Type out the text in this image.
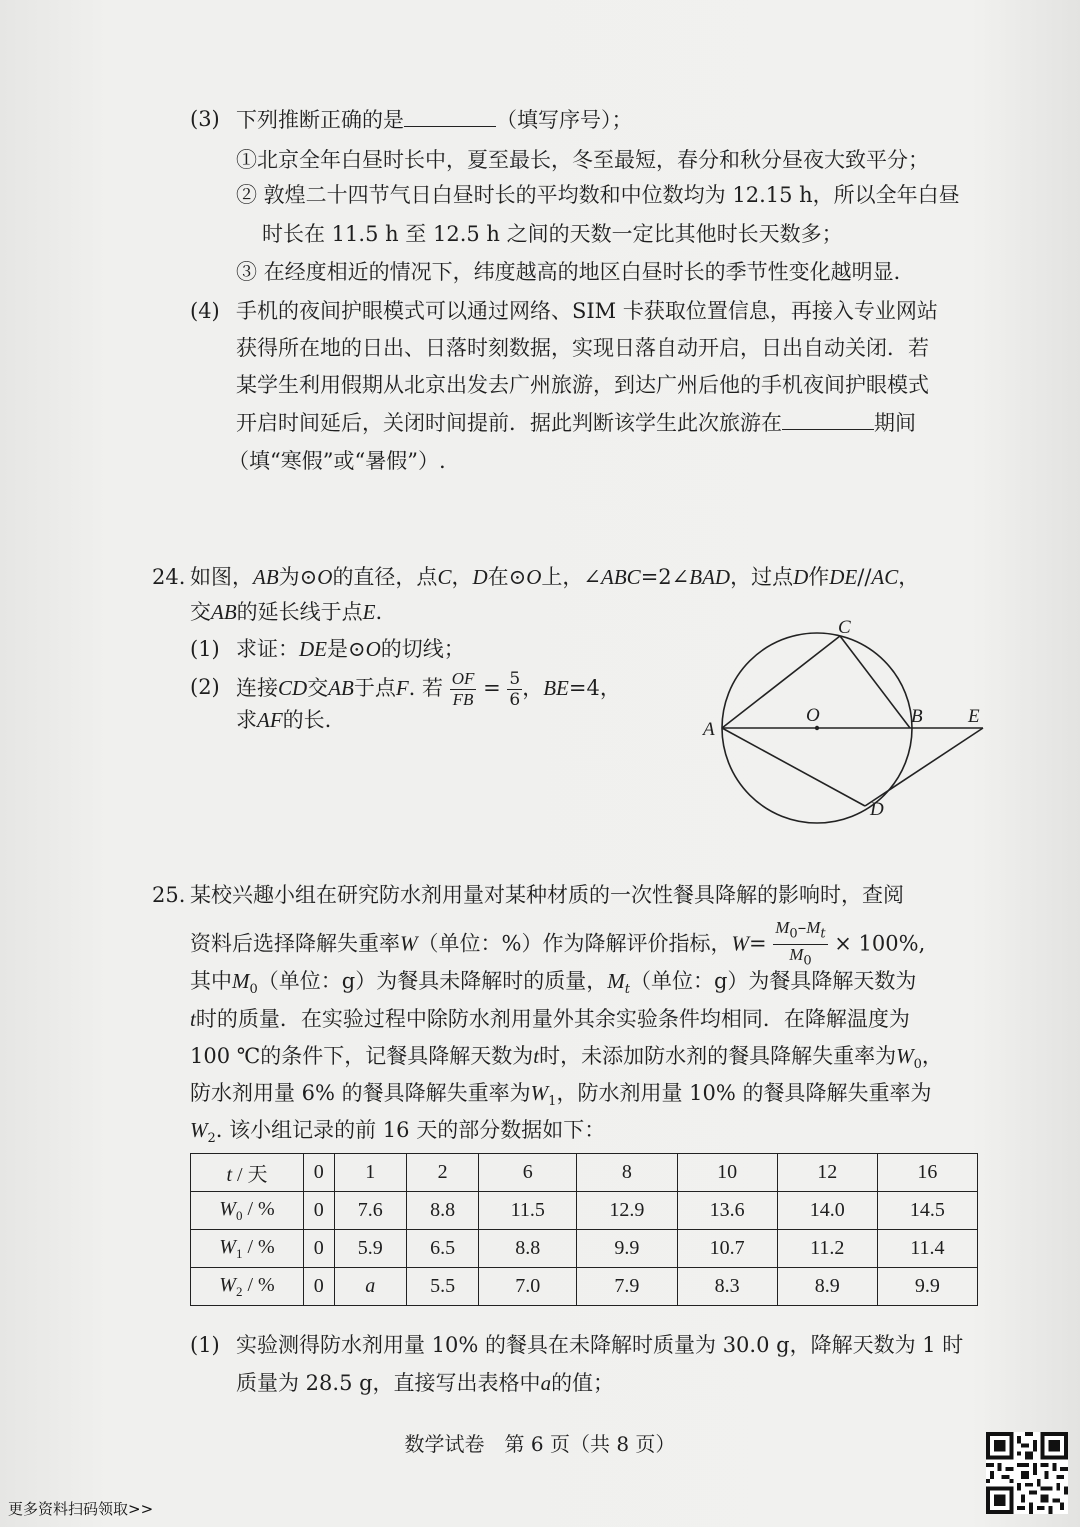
(3) 下列推断正确的是	（填写序号）；
①北京全年白昼时长中，夏至最长，冬至最短，春分和秋分昼夜大致平分；
② 敦煌二十四节气日白昼时长的平均数和中位数均为 12.15 h，所以全年白昼
时长在 11.5 h 至 12.5 h 之间的天数一定比其他时长天数多；
③ 在经度相近的情况下，纬度越高的地区白昼时长的季节性变化越明显．
(4) 手机的夜间护眼模式可以通过网络、SIM 卡获取位置信息，再接入专业网站
获得所在地的日出、日落时刻数据，实现日落自动开启，日出自动关闭．若
某学生利用假期从北京出发去广州旅游，到达广州后他的手机夜间护眼模式
开启时间延后，关闭时间提前．据此判断该学生此次旅游在	期间
（填“寒假”或“暑假”）.
24. 如图，AB为⊙O的直径，点C，D在⊙O上，∠ABC=2∠BAD，过点D作DE//AC，
交AB的延长线于点E.
(1) 求证：DE是⊙O的切线；
(2) 连接CD交AB于点F. 若 $\frac{OF}{FB} = \frac{5}{6}$ ，BE=4，
求AF的长.	A
O	B E
C
D
25. 某校兴趣小组在研究防水剂用量对某种材质的一次性餐具降解的影响时，查阅
资料后选择降解失重率W（单位：%）作为降解评价指标，$W= \frac{M_0-M_t}{M_0} \times 100\%$,
其中$M_0$（单位：g）为餐具未降解时的质量，$M_t$（单位：g）为餐具降解天数为
t时的质量．在实验过程中除防水剂用量外其余实验条件均相同．在降解温度为
100 ℃的条件下，记餐具降解天数为t时，未添加防水剂的餐具降解失重率为$W_0$，
防水剂用量 6% 的餐具降解失重率为$W_1$，防水剂用量 10% 的餐具降解失重率为
$W_2$. 该小组记录的前 16 天的部分数据如下：
t / 天	0	1	2	6	8	10	12	16
$W_0$ / %	0	7.6	8.8	11.5	12.9	13.6	14.0	14.5
$W_1$ / %	0	5.9	6.5	8.8	9.9	10.7	11.2	11.4
$W_2$ / %	0	a	5.5	7.0	7.9	8.3	8.9	9.9
(1) 实验测得防水剂用量 10% 的餐具在未降解时质量为 30.0 g，降解天数为 1 时
质量为 28.5 g，直接写出表格中a的值；
数学试卷　第 6 页（共 8 页）
更多资料扫码领取>>
